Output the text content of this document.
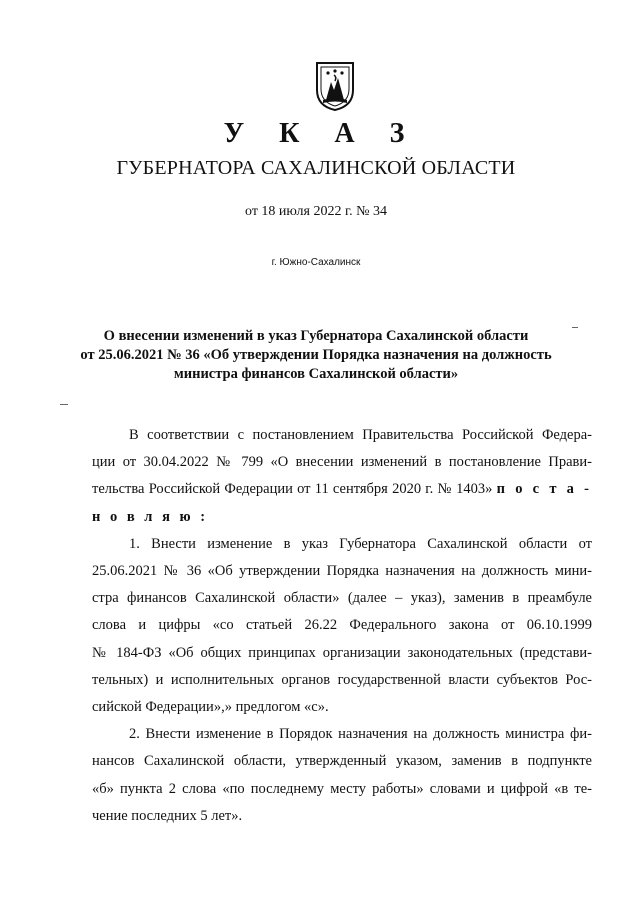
У К А З
ГУБЕРНАТОРА САХАЛИНСКОЙ ОБЛАСТИ
от 18 июля 2022 г. № 34
г. Южно-Сахалинск
О внесении изменений в указ Губернатора Сахалинской области
от 25.06.2021 № 36 «Об утверждении Порядка назначения на должность
министра финансов Сахалинской области»
В соответствии с постановлением Правительства Российской Федера-
ции от 30.04.2022 № 799 «О внесении изменений в постановление Прави-
тельства Российской Федерации от 11 сентября 2020 г. № 1403» п о с т а -
н о в л я ю :
1. Внести изменение в указ Губернатора Сахалинской области от
25.06.2021 № 36 «Об утверждении Порядка назначения на должность мини-
стра финансов Сахалинской области» (далее – указ), заменив в преамбуле
слова и цифры «со статьей 26.22 Федерального закона от 06.10.1999
№ 184-ФЗ «Об общих принципах организации законодательных (представи-
тельных) и исполнительных органов государственной власти субъектов Рос-
сийской Федерации»,» предлогом «с».
2. Внести изменение в Порядок назначения на должность министра фи-
нансов Сахалинской области, утвержденный указом, заменив в подпункте
«б» пункта 2 слова «по последнему месту работы» словами и цифрой «в те-
чение последних 5 лет».
